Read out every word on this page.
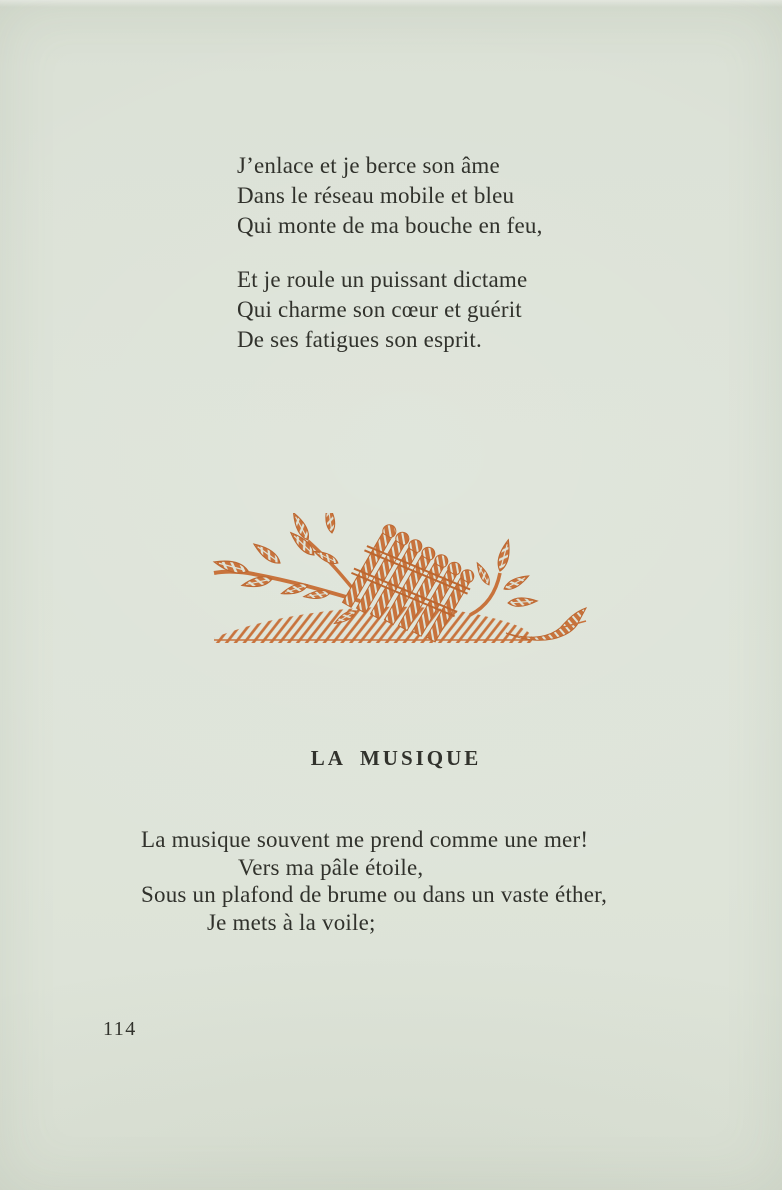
J’enlace et je berce son âme
Dans le réseau mobile et bleu
Qui monte de ma bouche en feu,
Et je roule un puissant dictame
Qui charme son cœur et guérit
De ses fatigues son esprit.
LA MUSIQUE
La musique souvent me prend comme une mer!
Vers ma pâle étoile,
Sous un plafond de brume ou dans un vaste éther,
Je mets à la voile;
114
